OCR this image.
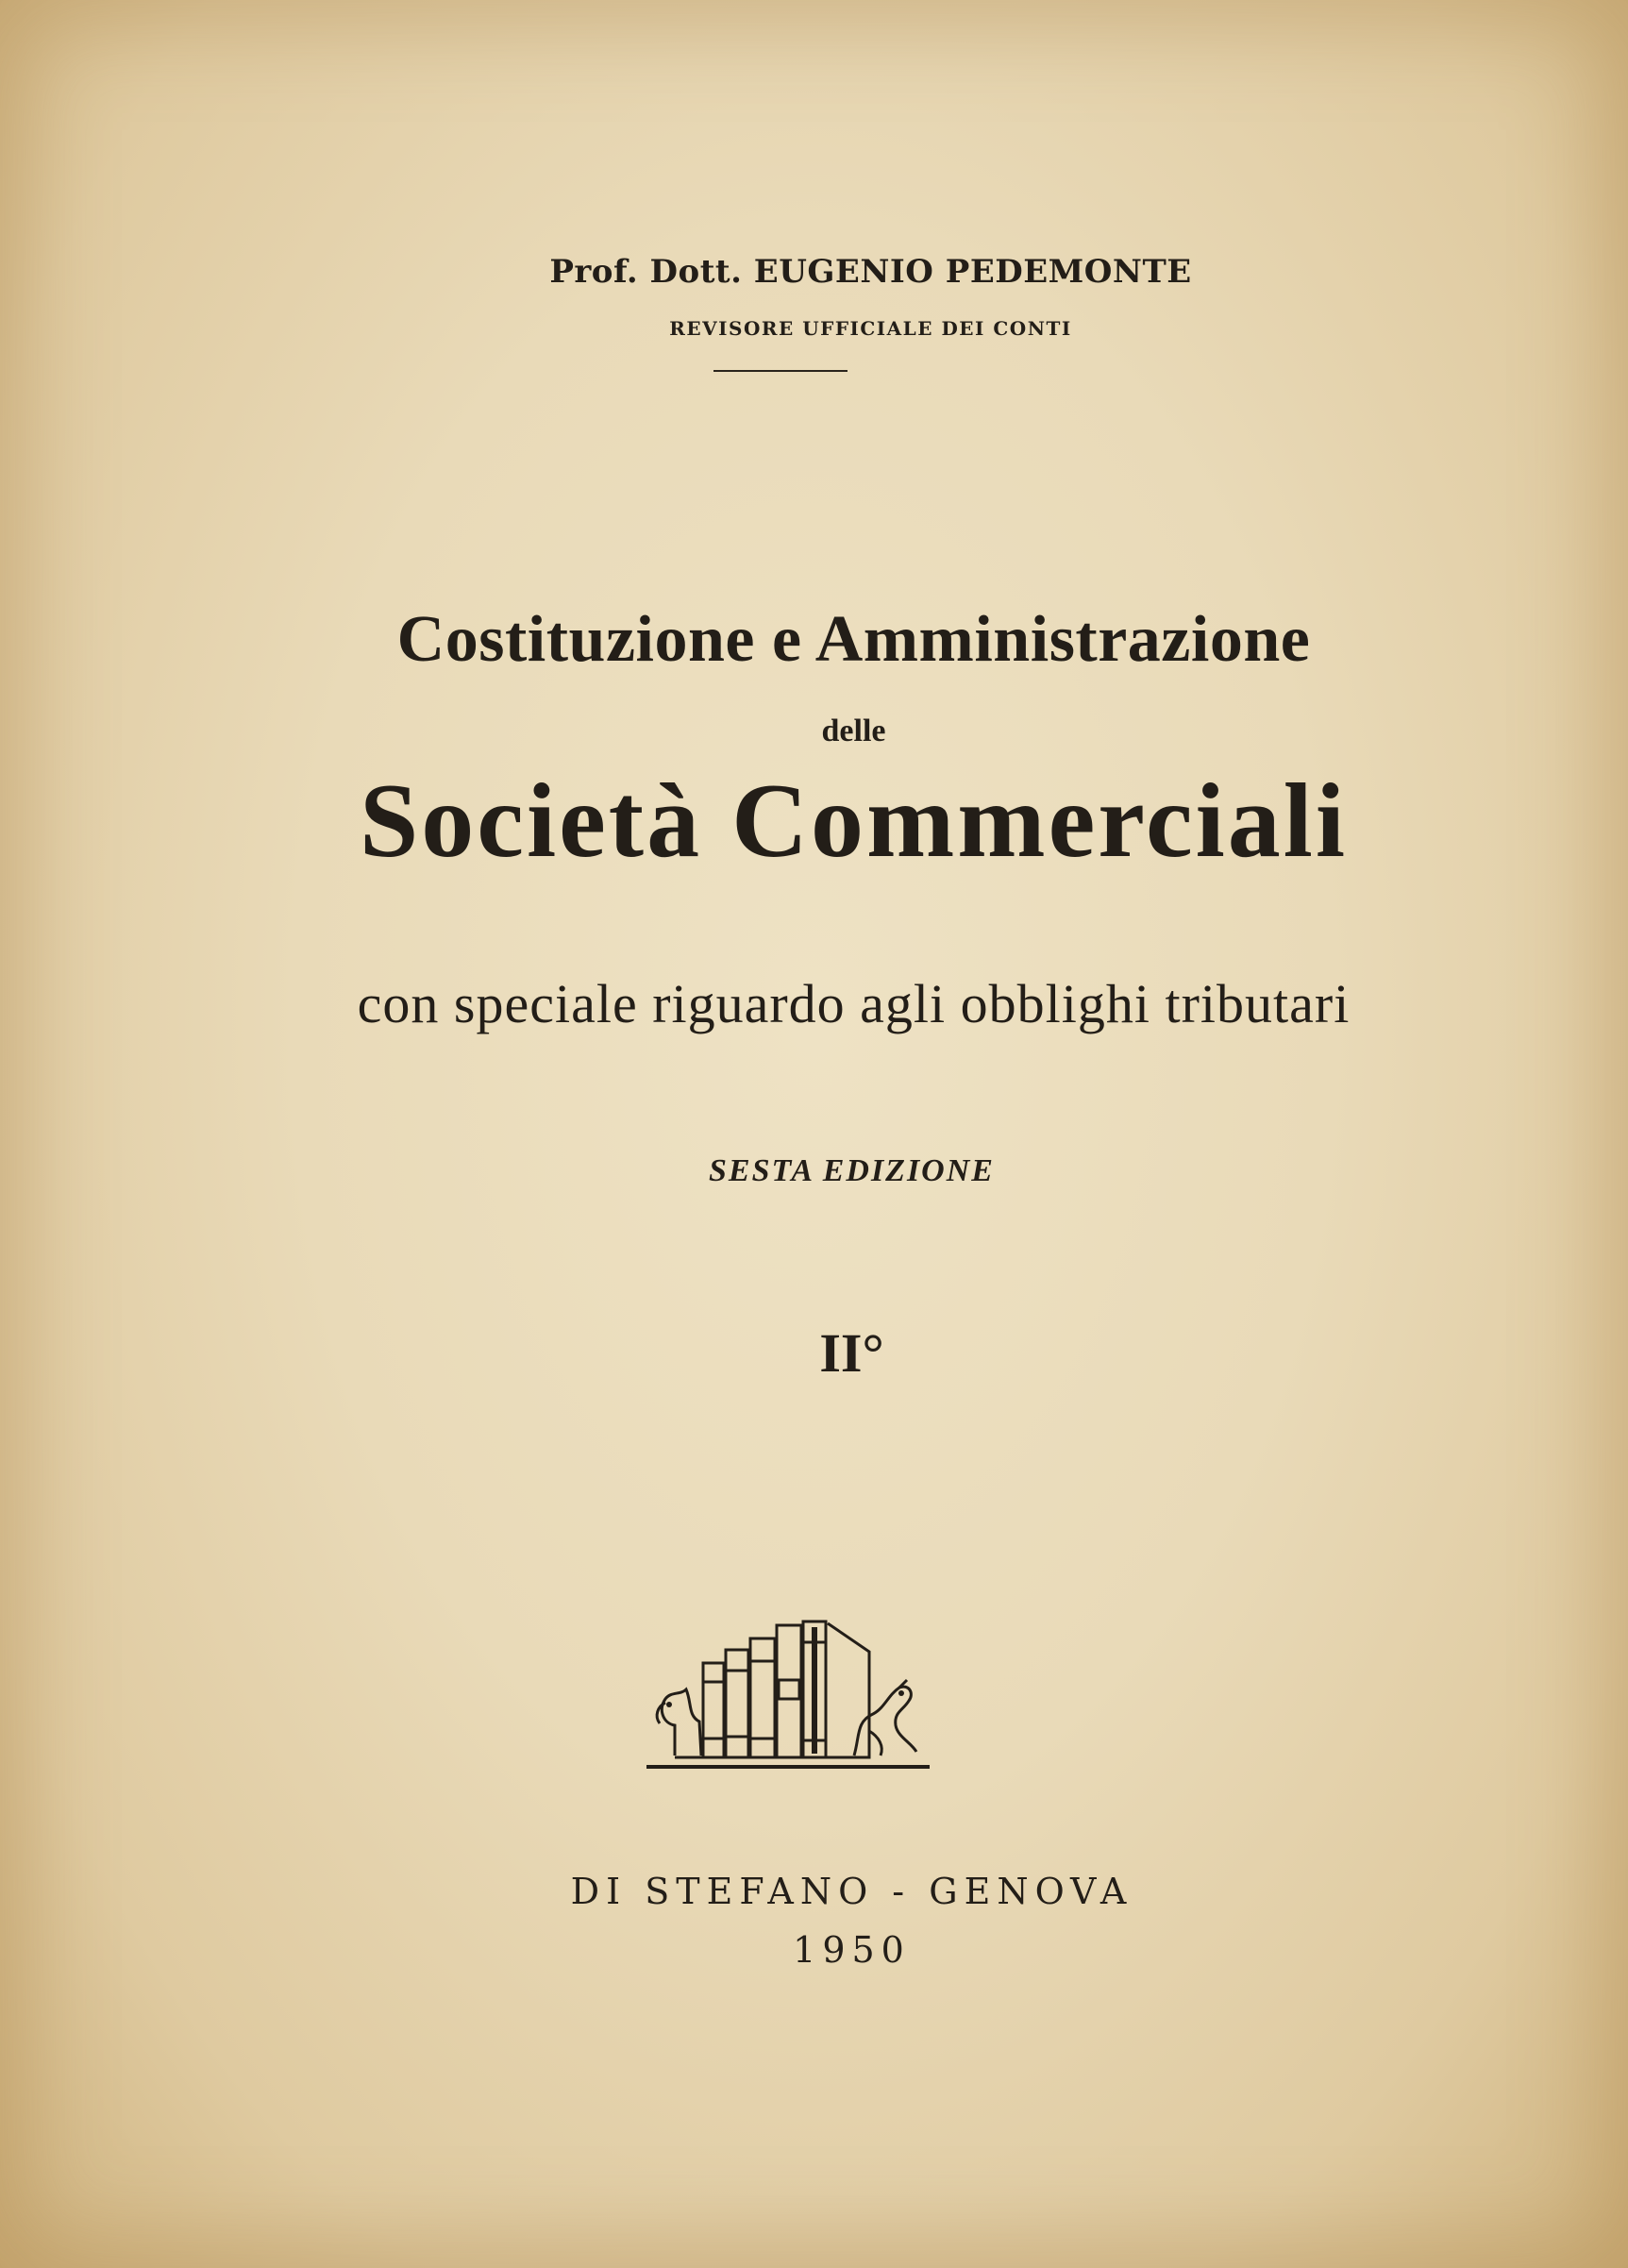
Prof. Dott. EUGENIO PEDEMONTE

REVISORE UFFICIALE DEI CONTI

Costituzione e Amministrazione

delle

Società Commerciali

con speciale riguardo agli obblighi tributari

SESTA EDIZIONE

II°

DI STEFANO - GENOVA

1950
